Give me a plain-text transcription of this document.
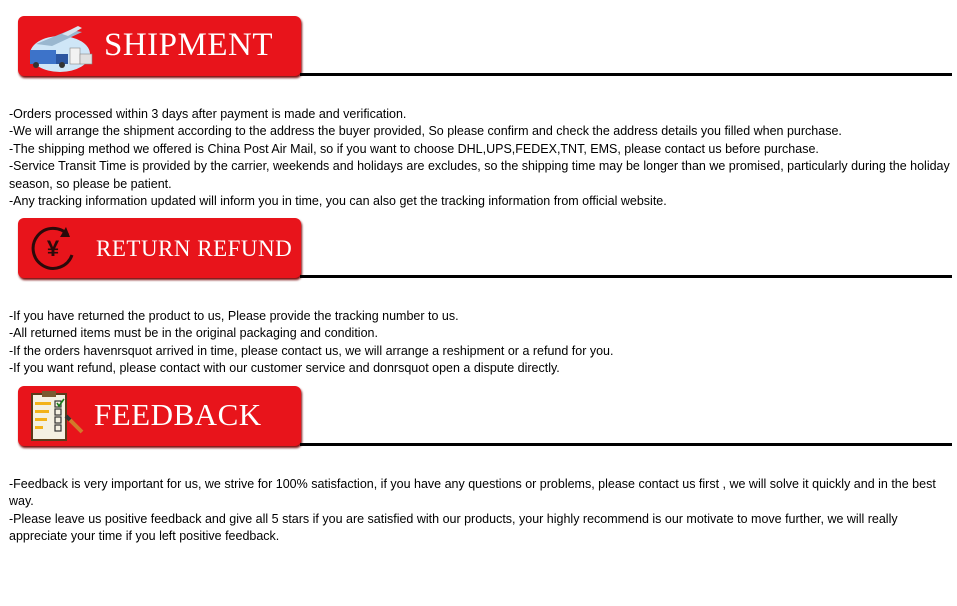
SHIPMENT

-Orders processed within 3 days after payment is made and verification.

-We will arrange the shipment according to the address the buyer provided, So please confirm and check the address details you filled when purchase.

-The shipping method we offered is China Post Air Mail, so if you want to choose DHL,UPS,FEDEX,TNT, EMS, please contact us before purchase.

-Service Transit Time is provided by the carrier, weekends and holidays are excludes, so the shipping time may be longer than we promised, particularly during the holiday season, so please be patient.

-Any tracking information updated will inform you in time, you can also get the tracking information from official website.

¥ RETURN REFUND

-If you have returned the product to us, Please provide the tracking number to us.

-All returned items must be in the original packaging and condition.

-If the orders havenrsquot arrived in time, please contact us, we will arrange a reshipment or a refund for you.

-If you want refund, please contact with our customer service and donrsquot open a dispute directly.

FEEDBACK

-Feedback is very important for us, we strive for 100% satisfaction, if you have any questions or problems, please contact us first , we will solve it quickly and in the best way.

-Please leave us positive feedback and give all 5 stars if you are satisfied with our products, your highly recommend is our motivate to move further, we will really appreciate your time if you left positive feedback.
